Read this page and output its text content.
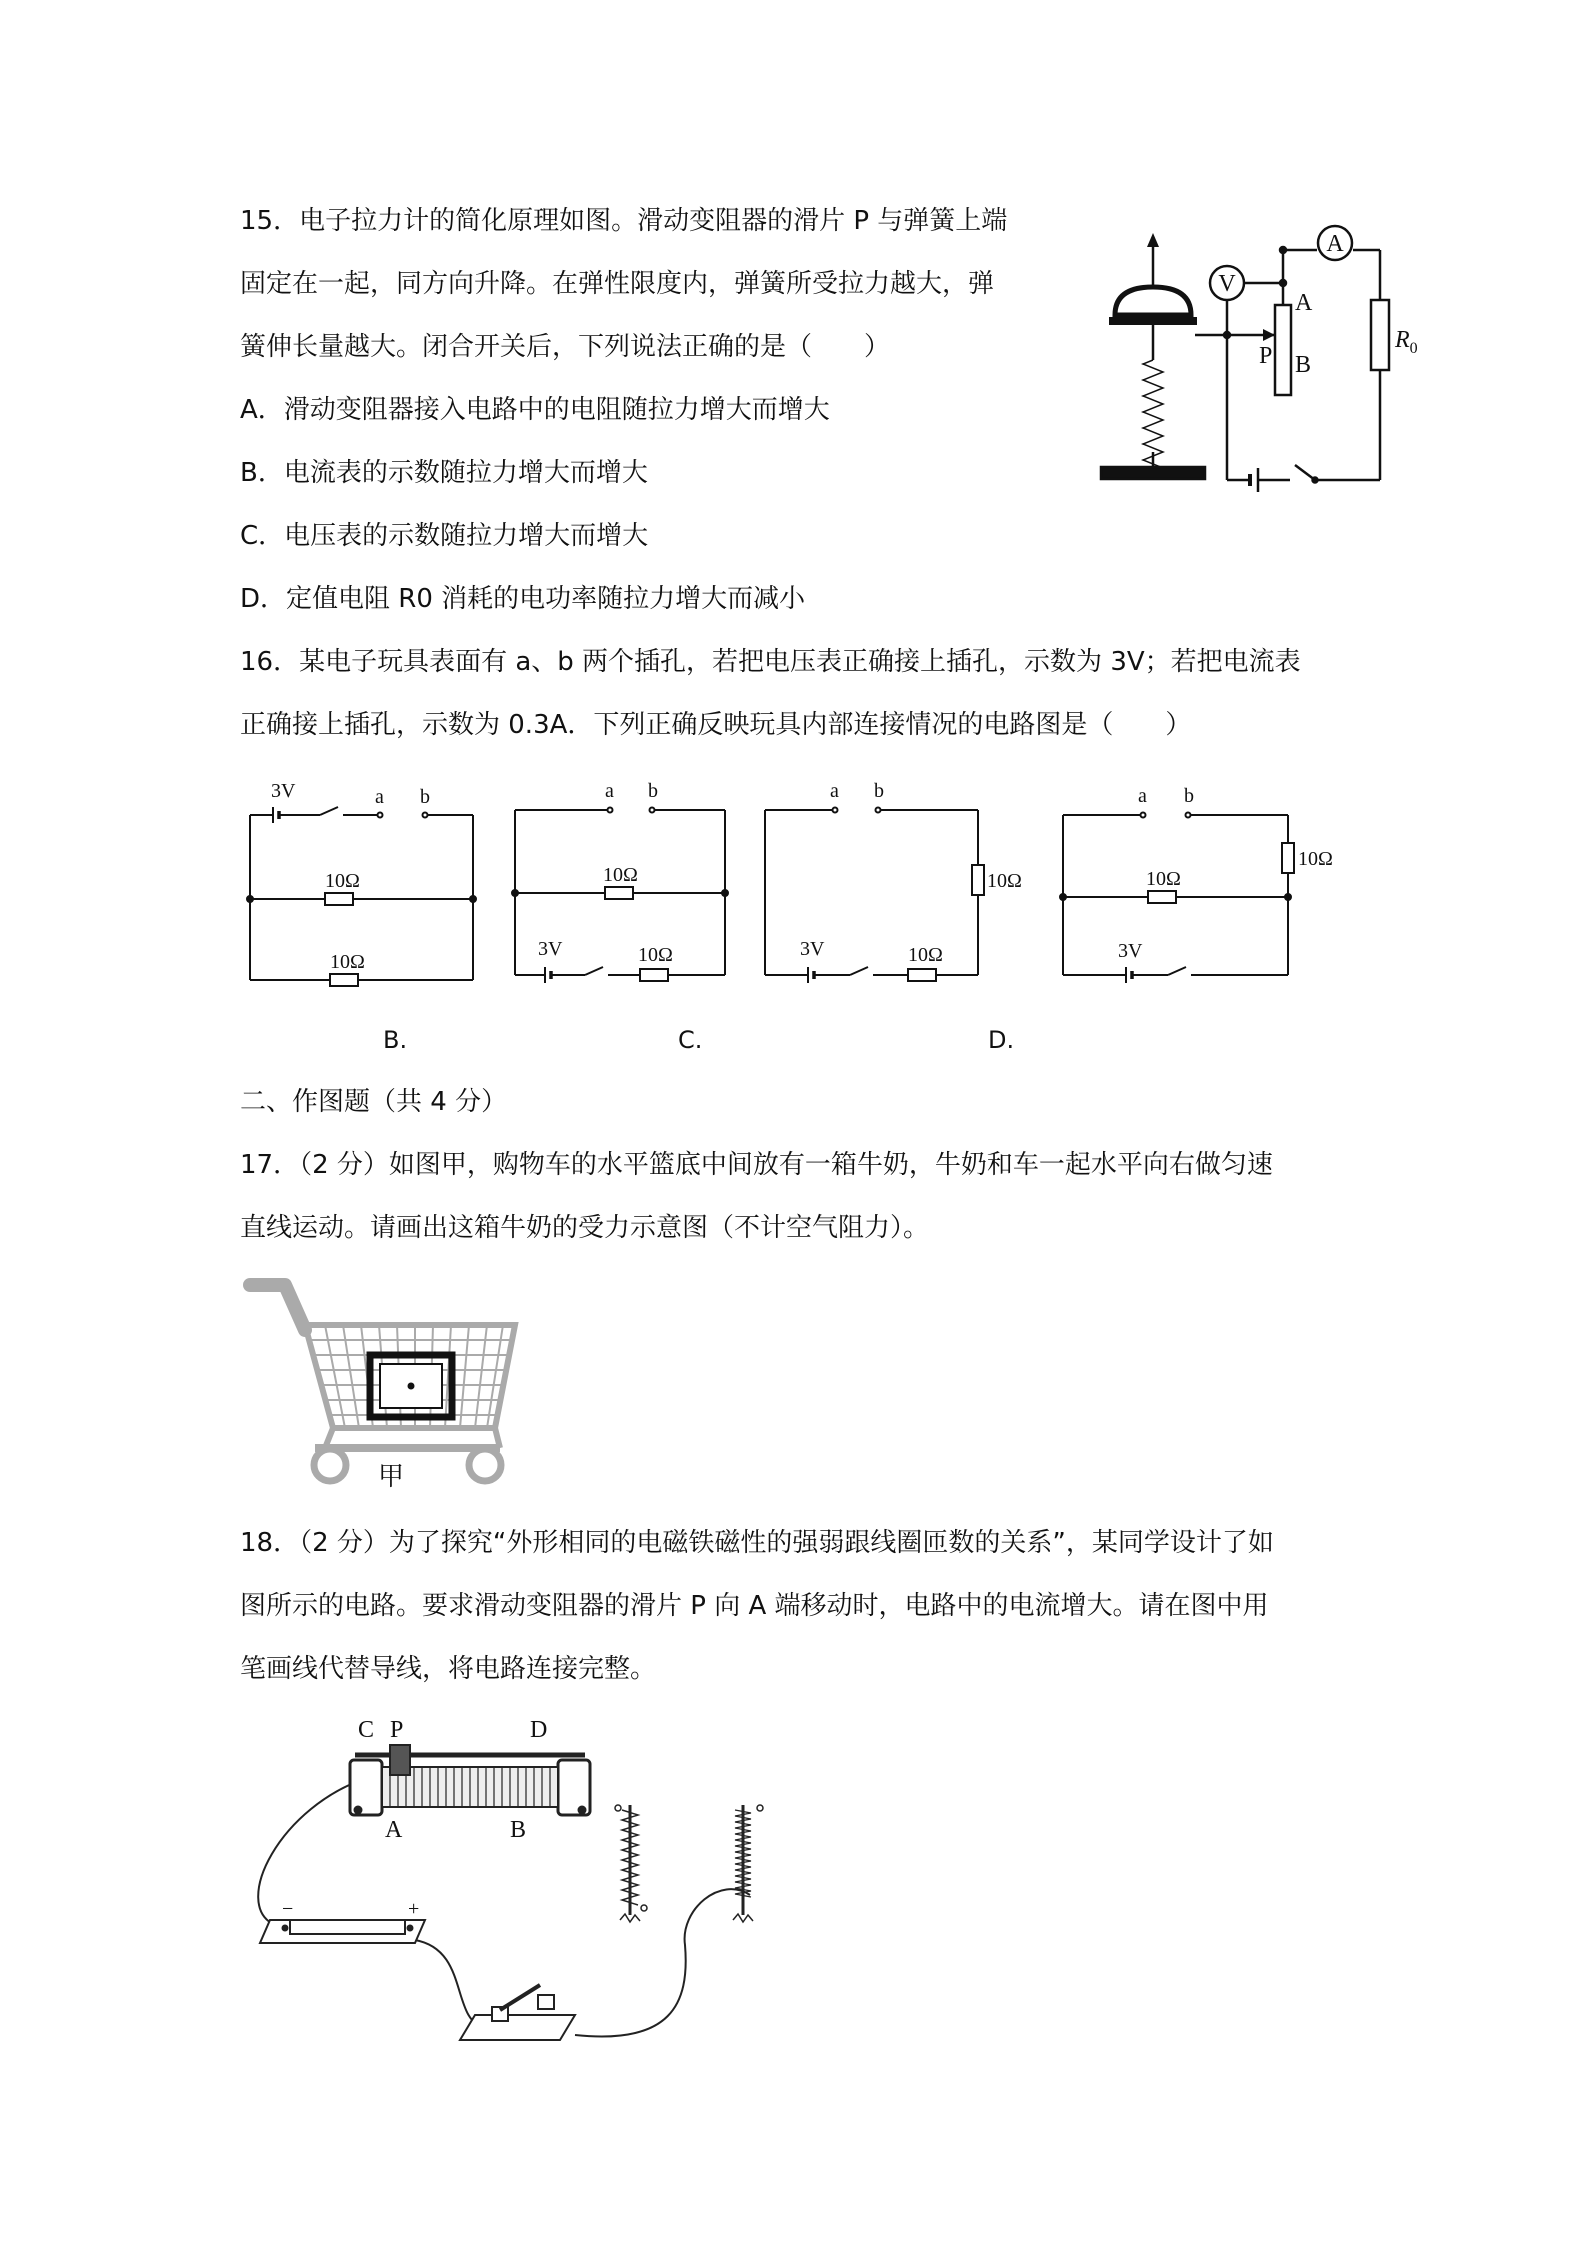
15．电子拉力计的简化原理如图。滑动变阻器的滑片 P 与弹簧上端
固定在一起，同方向升降。在弹性限度内，弹簧所受拉力越大，弹
簧伸长量越大。闭合开关后，下列说法正确的是（　　）
A．滑动变阻器接入电路中的电阻随拉力增大而增大
B．电流表的示数随拉力增大而增大
C．电压表的示数随拉力增大而增大
D．定值电阻 R0 消耗的电功率随拉力增大而减小
A
V
A
B
P
$R_0$
16．某电子玩具表面有 a、b 两个插孔，若把电压表正确接上插孔，示数为 3V；若把电流表
正确接上插孔，示数为 0.3A．下列正确反映玩具内部连接情况的电路图是（　　）
3V	a b
10Ω
10Ω
a b
10Ω
3V	10Ω
a b
10Ω
3V	10Ω
a b
10Ω
10Ω
3V
B.	C.	D.
二、作图题（共 4 分）
17．（2 分）如图甲，购物车的水平篮底中间放有一箱牛奶，牛奶和车一起水平向右做匀速
直线运动。请画出这箱牛奶的受力示意图（不计空气阻力）。
甲
18．（2 分）为了探究“外形相同的电磁铁磁性的强弱跟线圈匝数的关系”，某同学设计了如
图所示的电路。要求滑动变阻器的滑片 P 向 A 端移动时，电路中的电流增大。请在图中用
笔画线代替导线，将电路连接完整。
C P	D
A	B
−	+
